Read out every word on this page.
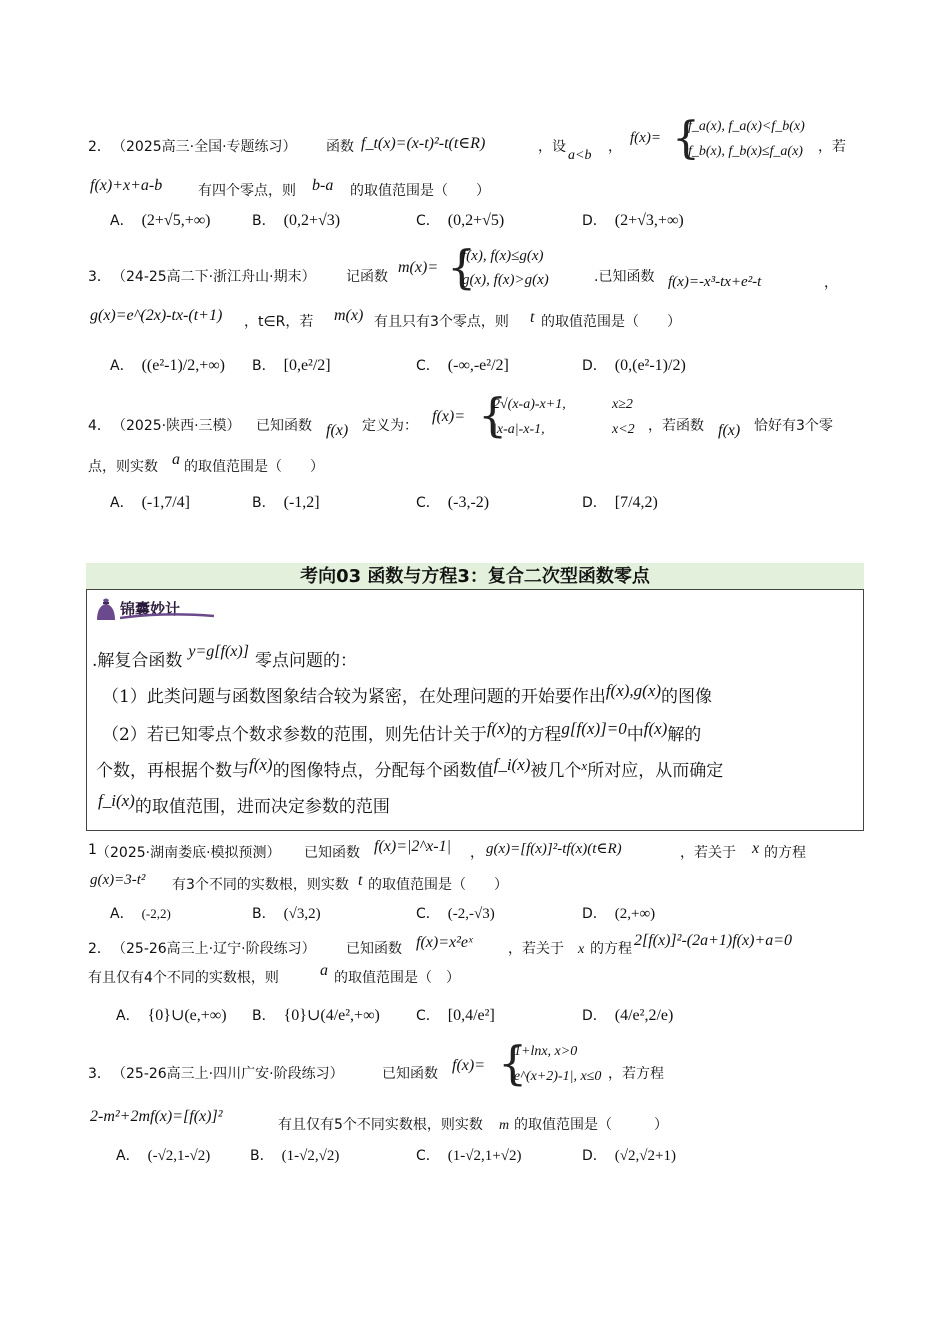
2． （2025高三·全国·专题练习） 函数 f_t(x)=(x-t)²-t(t∈R)	，设
a<b
，
f(x)= {
f_a(x), f_a(x)<f_b(x)
f_b(x), f_b(x)≤f_a(x) ，若
f(x)+x+a-b	有四个零点，则 b-a 的取值范围是（　　）
A． (2+√5,+∞)	B． (0,2+√3)	C． (0,2+√5)	D． (2+√3,+∞)
3． （24-25高二下·浙江舟山·期末） 记函数
m(x)= {
f(x), f(x)≤g(x)
g(x), f(x)>g(x)	.已知函数 f(x)=-x³-tx+e²-t	，
g(x)=e^(2x)-tx-(t+1) ，t∈R，若 m(x) 有且只有3个零点，则 t 的取值范围是（　　）
A． ((e²-1)/2,+∞) B． [0,e²/2]	C． (-∞,-e²/2]	D． (0,(e²-1)/2)
4． （2025·陕西·三模） 已知函数 f(x) 定义为：
f(x)= {
2√(x-a)-x+1,	x≥2
|x-a|-x-1,	x<2 ，若函数 f(x) 恰好有3个零
点，则实数 a 的取值范围是（　　）
A． (-1,7/4]	B． (-1,2]	C． (-3,-2)	D． [7/4,2)
考向03 函数与方程3：复合二次型函数零点
锦囊妙计
.解复合函数 y=g[f(x)] 零点问题的：
（1）此类问题与函数图象结合较为紧密，在处理问题的开始要作出f(x),g(x)的图像
（2）若已知零点个数求参数的范围，则先估计关于f(x)的方程g[f(x)]=0中f(x)解的
个数，再根据个数与f(x)的图像特点，分配每个函数值f_i(x)被几个$^x$所对应，从而确定
f_i(x)的取值范围，进而决定参数的范围
1 （2025·湖南娄底·模拟预测） 已知函数 f(x)=|2^x-1| ， g(x)=[f(x)]²-tf(x)(t∈R)	，若关于 x 的方程
g(x)=3-t² 有3个不同的实数根，则实数 t 的取值范围是（　　）
A． (-2,2)	B． (√3,2)	C． (-2,-√3)	D． (2,+∞)
2． （25-26高三上·辽宁·阶段练习） 已知函数 f(x)=x²eˣ	，若关于 x 的方程 2[f(x)]²-(2a+1)f(x)+a=0
有且仅有4个不同的实数根，则	a 的取值范围是（　）
A． {0}∪(e,+∞) B． {0}∪(4/e²,+∞)	C． [0,4/e²]	D． (4/e²,2/e)
3． （25-26高三上·四川广安·阶段练习）	已知函数 f(x)= {
1+lnx, x>0
|e^(x+2)-1|, x≤0 ，若方程
2-m²+2mf(x)=[f(x)]²	有且仅有5个不同实数根，则实数 m 的取值范围是（　　　）
A． (-√2,1-√2)	B． (1-√2,√2)	C． (1-√2,1+√2)	D． (√2,√2+1)
